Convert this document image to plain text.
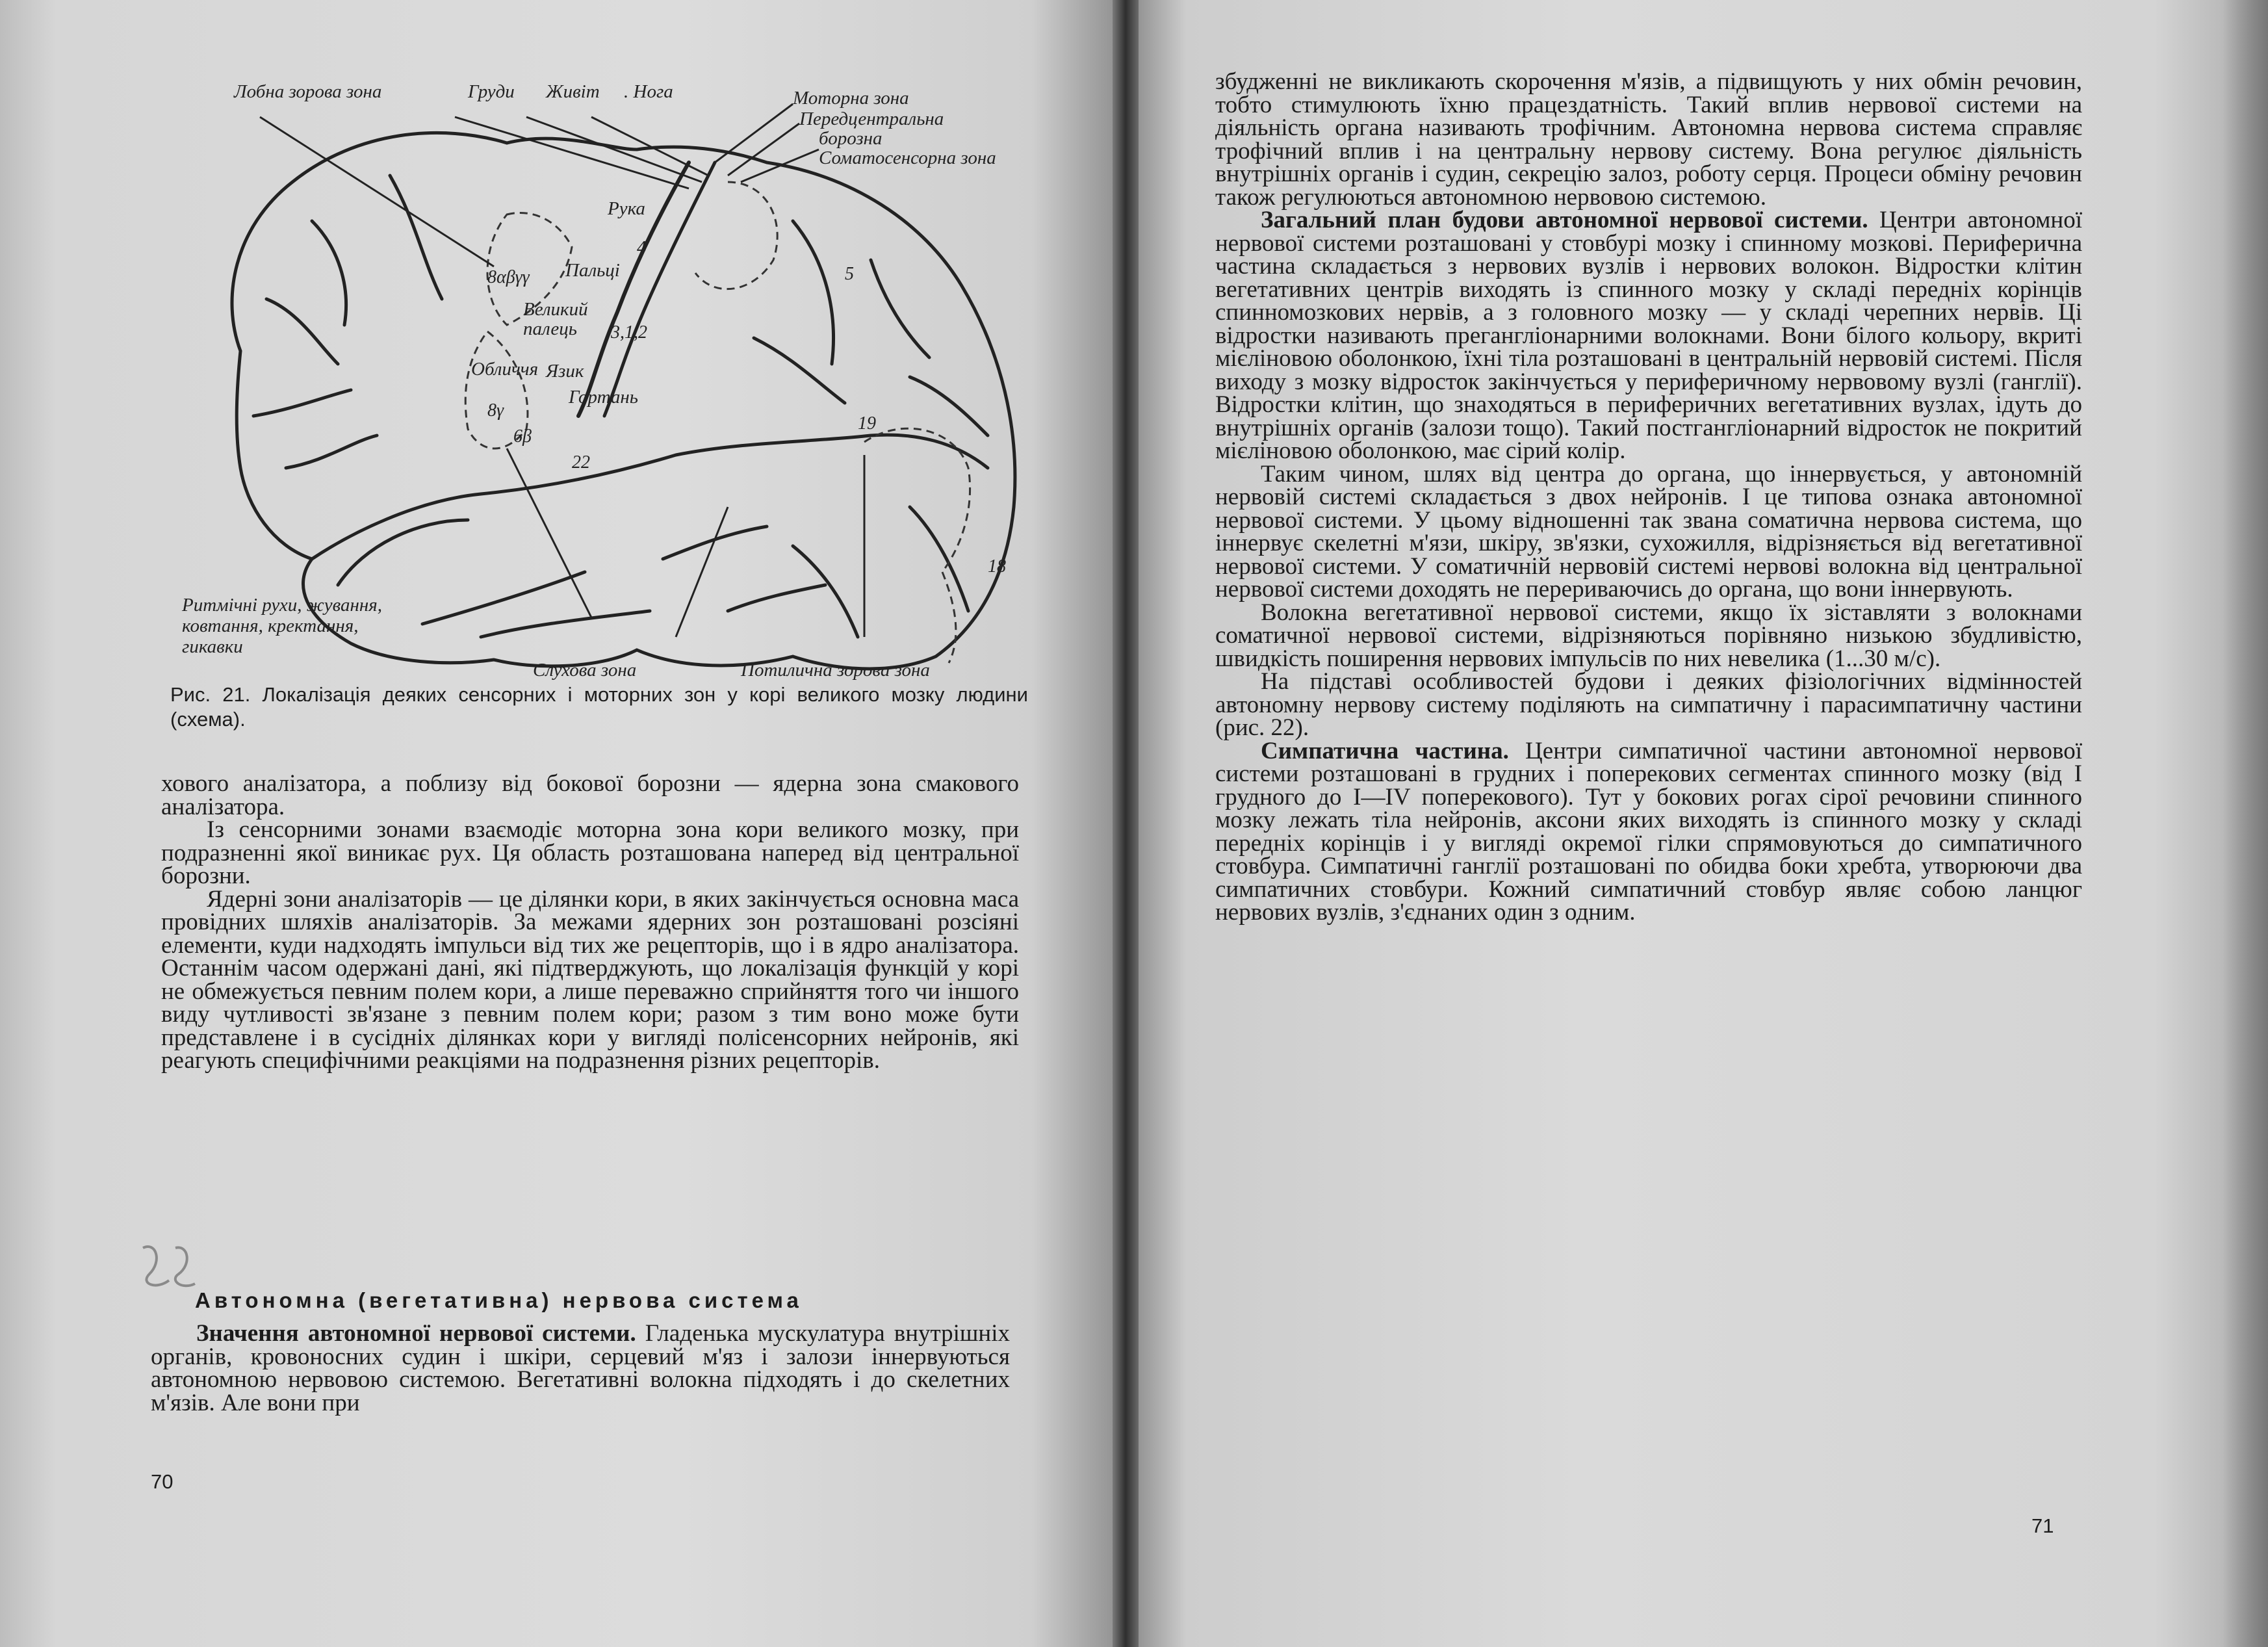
Лобна зорова зона	Груди Живіт . Нога	Моторна зона
Передцентральна
борозна
Соматосенсорна зона
Рука
Пальці
Великий
палець
Обличчя Язик
Гортань
8αβγγ
4
5
3,1,2
8γ
6β
22
19
18
Ритмічні рухи, жування,
ковтання, кректання,
гикавки
Слухова зона	Потилична зорова зона
Рис. 21. Локалізація деяких сенсорних і моторних зон у корі великого мозку людини (схема).

хового аналізатора, а поблизу від бокової борозни — ядерна зона смакового аналізатора.

Із сенсорними зонами взаємодіє моторна зона кори великого мозку, при подразненні якої виникає рух. Ця область розташована наперед від центральної борозни.

Ядерні зони аналізаторів — це ділянки кори, в яких закінчується основна маса провідних шляхів аналізаторів. За межами ядерних зон розташовані розсіяні елементи, куди надходять імпульси від тих же рецепторів, що і в ядро аналізатора. Останнім часом одержані дані, які підтверджують, що локалізація функцій у корі не обмежується певним полем кори, а лише переважно сприйняття того чи іншого виду чутливості зв'язане з певним полем кори; разом з тим воно може бути представлене і в сусідніх ділянках кори у вигляді полісенсорних нейронів, які реагують специфічними реакціями на подразнення різних рецепторів.

Автономна (вегетативна) нервова система

Значення автономної нервової системи. Гладенька мускулатура внутрішніх органів, кровоносних судин і шкіри, серцевий м'яз і залози іннервуються автономною нервовою системою. Вегетативні волокна підходять і до скелетних м'язів. Але вони при

70

збудженні не викликають скорочення м'язів, а підвищують у них обмін речовин, тобто стимулюють їхню працездатність. Такий вплив нервової системи на діяльність органа називають трофічним. Автономна нервова система справляє трофічний вплив і на центральну нервову систему. Вона регулює діяльність внутрішніх органів і судин, секрецію залоз, роботу серця. Процеси обміну речовин також регулюються автономною нервовою системою.

Загальний план будови автономної нервової системи. Центри автономної нервової системи розташовані у стовбурі мозку і спинному мозкові. Периферична частина складається з нервових вузлів і нервових волокон. Відростки клітин вегетативних центрів виходять із спинного мозку у складі передніх корінців спинномозкових нервів, а з головного мозку — у складі черепних нервів. Ці відростки називають прегангліонарними волокнами. Вони білого кольору, вкриті мієліновою оболонкою, їхні тіла розташовані в центральній нервовій системі. Після виходу з мозку відросток закінчується у периферичному нервовому вузлі (ганглії). Відростки клітин, що знаходяться в периферичних вегетативних вузлах, ідуть до внутрішніх органів (залози тощо). Такий постгангліонарний відросток не покритий мієліновою оболонкою, має сірий колір.

Таким чином, шлях від центра до органа, що іннервується, у автономній нервовій системі складається з двох нейронів. І це типова ознака автономної нервової системи. У цьому відношенні так звана соматична нервова система, що іннервує скелетні м'язи, шкіру, зв'язки, сухожилля, відрізняється від вегетативної нервової системи. У соматичній нервовій системі нервові волокна від центральної нервової системи доходять не перериваючись до органа, що вони іннервують.

Волокна вегетативної нервової системи, якщо їх зіставляти з волокнами соматичної нервової системи, відрізняються порівняно низькою збудливістю, швидкість поширення нервових імпульсів по них невелика (1...30 м/с).

На підставі особливостей будови і деяких фізіологічних відмінностей автономну нервову систему поділяють на симпатичну і парасимпатичну частини (рис. 22).

Симпатична частина. Центри симпатичної частини автономної нервової системи розташовані в грудних і поперекових сегментах спинного мозку (від І грудного до І—IV поперекового). Тут у бокових рогах сірої речовини спинного мозку лежать тіла нейронів, аксони яких виходять із спинного мозку у складі передніх корінців і у вигляді окремої гілки спрямовуються до симпатичного стовбура. Симпатичні ганглії розташовані по обидва боки хребта, утворюючи два симпатичних стовбури. Кожний симпатичний стовбур являє собою ланцюг нервових вузлів, з'єднаних один з одним.

71
